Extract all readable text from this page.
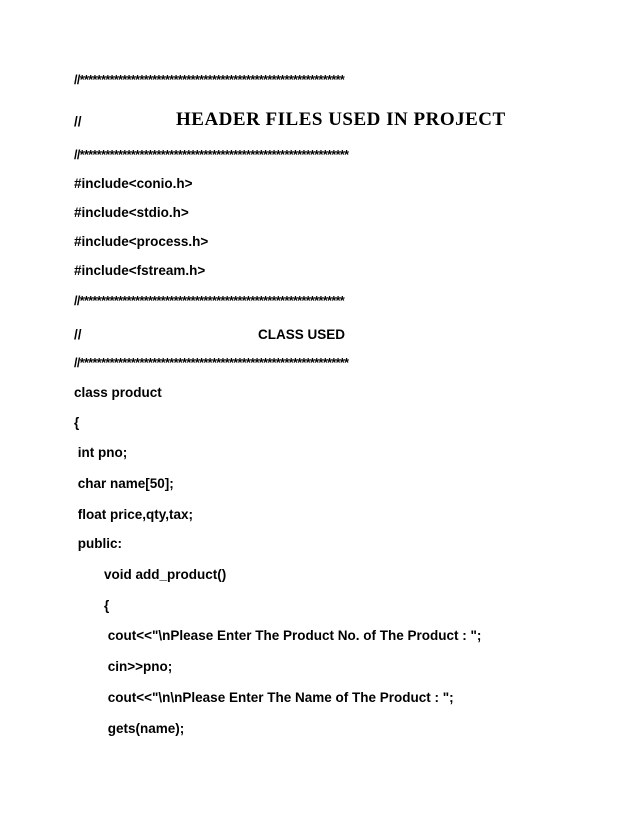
//**************************************************************
//	HEADER FILES USED IN PROJECT
//***************************************************************
#include<conio.h>
#include<stdio.h>
#include<process.h>
#include<fstream.h>
//**************************************************************
//	CLASS USED
//***************************************************************
class product
{
int pno;
char name[50];
float price,qty,tax;
public:
void add_product()
{
cout<<"\nPlease Enter The Product No. of The Product : ";
cin>>pno;
cout<<"\n\nPlease Enter The Name of The Product : ";
gets(name);
